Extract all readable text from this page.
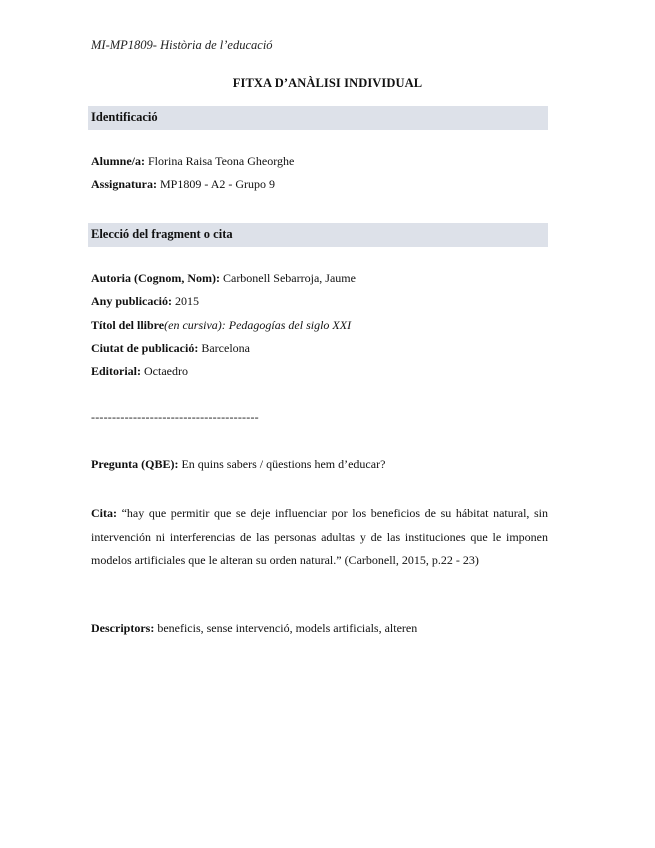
MI-MP1809- Història de l’educació
FITXA D’ANÀLISI INDIVIDUAL
Identificació
Alumne/a: Florina Raisa Teona Gheorghe
Assignatura: MP1809 - A2 - Grupo 9
Elecció del fragment o cita
Autoria (Cognom, Nom): Carbonell Sebarroja, Jaume
Any publicació: 2015
Títol del llibre(en cursiva): Pedagogías del siglo XXI
Ciutat de publicació: Barcelona
Editorial: Octaedro
----------------------------------------
Pregunta (QBE): En quins sabers / qüestions hem d’educar?
Cita: “hay que permitir que se deje influenciar por los beneficios de su hábitat natural, sin intervención ni interferencias de las personas adultas y de las instituciones que le imponen modelos artificiales que le alteran su orden natural.” (Carbonell, 2015, p.22 - 23)
Descriptors: beneficis, sense intervenció, models artificials, alteren
